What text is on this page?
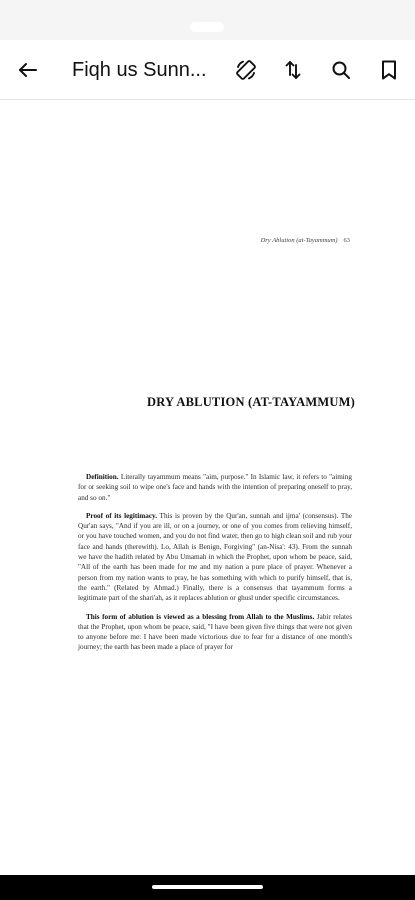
Fiqh us Sunn...
Dry Ablution (at-Tayammum) 63
DRY ABLUTION (AT-TAYAMMUM)

Definition. Literally tayammum means "aim, purpose." In Islamic law, it refers to "aiming for or seeking soil to wipe one's face and hands with the intention of preparing oneself to pray, and so on."

Proof of its legitimacy. This is proven by the Qur'an, sunnah and ijma' (consensus). The Qur'an says, "And if you are ill, or on a journey, or one of you comes from relieving himself, or you have touched women, and you do not find water, then go to high clean soil and rub your face and hands (therewith). Lo, Allah is Benign, Forgiving" (an-Nisa': 43). From the sunnah we have the hadith related by Abu Umamah in which the Prophet, upon whom be peace, said, "All of the earth has been made for me and my nation a pure place of prayer. Whenever a person from my nation wants to pray, he has something with which to purify himself, that is, the earth." (Related by Ahmad.) Finally, there is a consensus that tayammum forms a legitimate part of the shari'ah, as it replaces ablution or ghusl under specific circumstances.

This form of ablution is viewed as a blessing from Allah to the Muslims. Jabir relates that the Prophet, upon whom be peace, said, "I have been given five things that were not given to anyone before me: I have been made victorious due to fear for a distance of one month's journey; the earth has been made a place of prayer for
